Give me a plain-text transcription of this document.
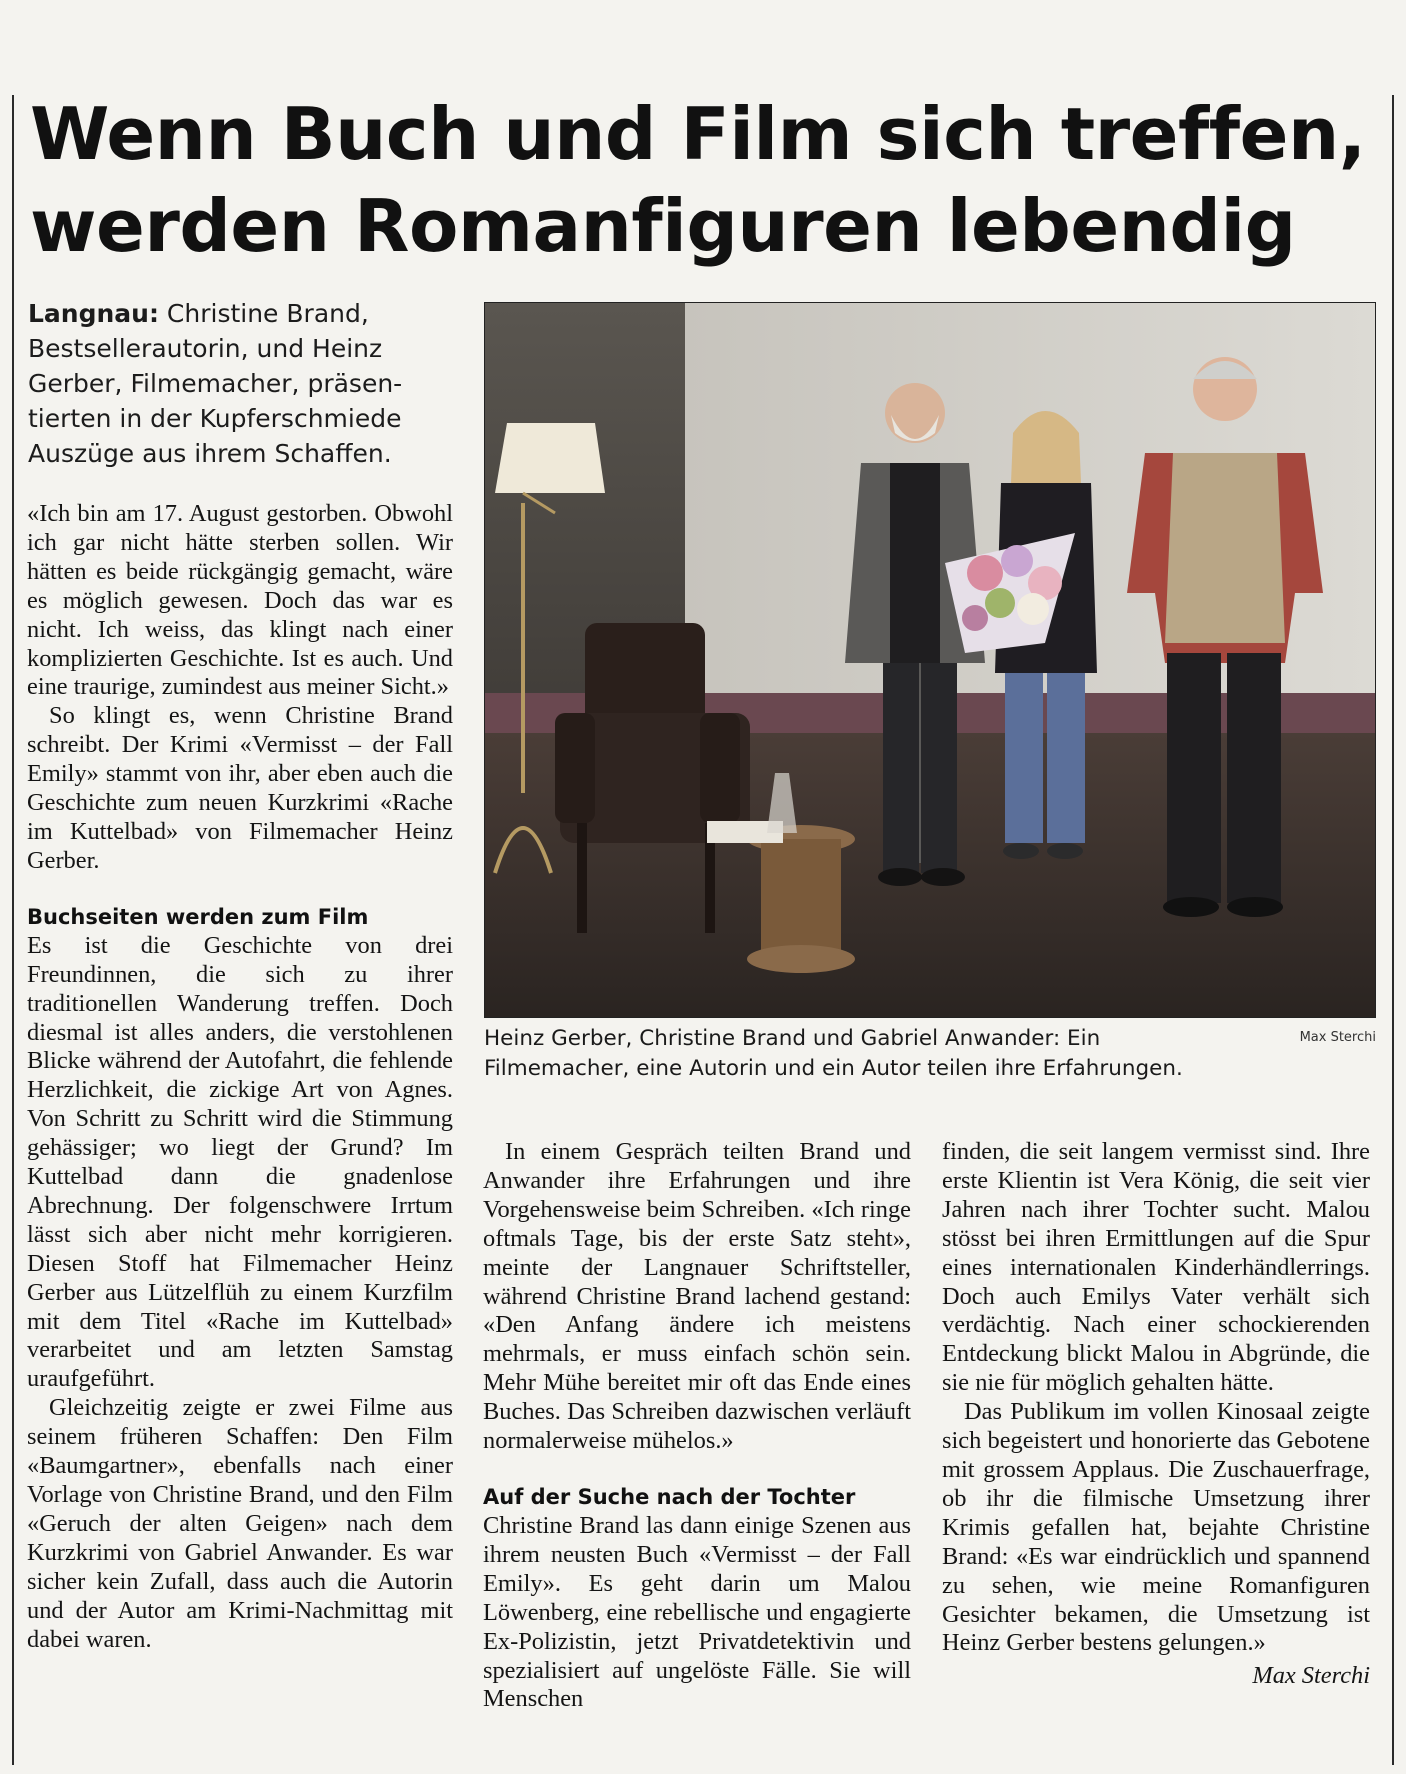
Wenn Buch und Film sich treffen,
werden Romanfiguren lebendig
Langnau: Christine Brand, Bestsellerautorin, und Heinz Gerber, Filmemacher, präsen-tierten in der Kupferschmiede Auszüge aus ihrem Schaffen.

«Ich bin am 17. August gestorben. Obwohl ich gar nicht hätte sterben sollen. Wir hätten es beide rückgängig gemacht, wäre es möglich gewesen. Doch das war es nicht. Ich weiss, das klingt nach einer komplizierten Geschichte. Ist es auch. Und eine traurige, zumindest aus meiner Sicht.»

So klingt es, wenn Christine Brand schreibt. Der Krimi «Vermisst – der Fall Emily» stammt von ihr, aber eben auch die Geschichte zum neuen Kurzkrimi «Rache im Kuttelbad» von Filmemacher Heinz Gerber.

Buchseiten werden zum Film

Es ist die Geschichte von drei Freundinnen, die sich zu ihrer traditionellen Wanderung treffen. Doch diesmal ist alles anders, die verstohlenen Blicke während der Autofahrt, die fehlende Herzlichkeit, die zickige Art von Agnes. Von Schritt zu Schritt wird die Stimmung gehässiger; wo liegt der Grund? Im Kuttelbad dann die gnadenlose Abrechnung. Der folgenschwere Irrtum lässt sich aber nicht mehr korrigieren. Diesen Stoff hat Filmemacher Heinz Gerber aus Lützelflüh zu einem Kurzfilm mit dem Titel «Rache im Kuttelbad» verarbeitet und am letzten Samstag uraufgeführt.

Gleichzeitig zeigte er zwei Filme aus seinem früheren Schaffen: Den Film «Baumgartner», ebenfalls nach einer Vorlage von Christine Brand, und den Film «Geruch der alten Geigen» nach dem Kurzkrimi von Gabriel Anwander. Es war sicher kein Zufall, dass auch die Autorin und der Autor am Krimi-Nachmittag mit dabei waren.

Heinz Gerber, Christine Brand und Gabriel Anwander: Ein Filmemacher, eine Autorin und ein Autor teilen ihre Erfahrungen.
Max Sterchi

In einem Gespräch teilten Brand und Anwander ihre Erfahrungen und ihre Vorgehensweise beim Schreiben. «Ich ringe oftmals Tage, bis der erste Satz steht», meinte der Langnauer Schriftsteller, während Christine Brand lachend gestand: «Den Anfang ändere ich meistens mehrmals, er muss einfach schön sein. Mehr Mühe bereitet mir oft das Ende eines Buches. Das Schreiben dazwischen verläuft normalerweise mühelos.»

Auf der Suche nach der Tochter

Christine Brand las dann einige Szenen aus ihrem neusten Buch «Vermisst – der Fall Emily». Es geht darin um Malou Löwenberg, eine rebellische und engagierte Ex-Polizistin, jetzt Privatdetektivin und spezialisiert auf ungelöste Fälle. Sie will Menschen

finden, die seit langem vermisst sind. Ihre erste Klientin ist Vera König, die seit vier Jahren nach ihrer Tochter sucht. Malou stösst bei ihren Ermittlungen auf die Spur eines internationalen Kinderhändlerrings. Doch auch Emilys Vater verhält sich verdächtig. Nach einer schockierenden Entdeckung blickt Malou in Abgründe, die sie nie für möglich gehalten hätte.

Das Publikum im vollen Kinosaal zeigte sich begeistert und honorierte das Gebotene mit grossem Applaus. Die Zuschauerfrage, ob ihr die filmische Umsetzung ihrer Krimis gefallen hat, bejahte Christine Brand: «Es war eindrücklich und spannend zu sehen, wie meine Romanfiguren Gesichter bekamen, die Umsetzung ist Heinz Gerber bestens gelungen.»

Max Sterchi
